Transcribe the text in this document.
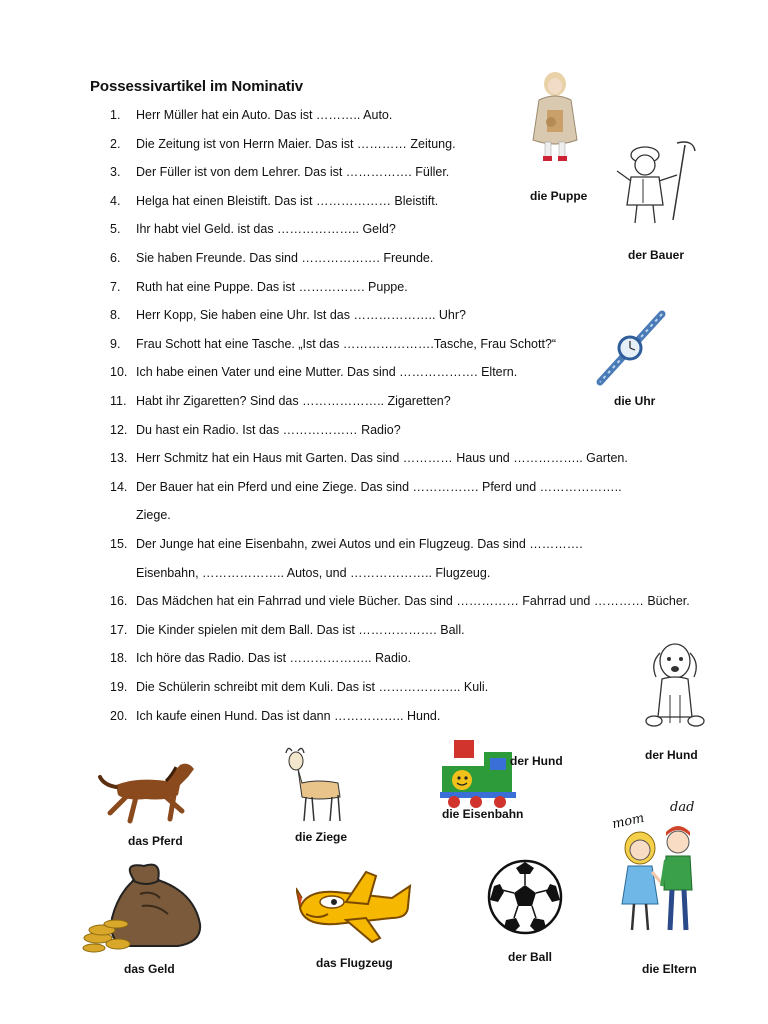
Possessivartikel im Nominativ
1. Herr Müller hat ein Auto. Das ist ……….. Auto.
2. Die Zeitung ist von Herrn Maier. Das ist ………… Zeitung.
3. Der Füller ist von dem Lehrer. Das ist ……………. Füller.
4. Helga hat einen Bleistift. Das ist ……………… Bleistift.
5. Ihr habt viel Geld. ist das ……………….. Geld?
6. Sie haben Freunde. Das sind ………………. Freunde.
7. Ruth hat eine Puppe. Das ist ……………. Puppe.
8. Herr Kopp, Sie haben eine Uhr. Ist das ……………….. Uhr?
9. Frau Schott hat eine Tasche. „Ist das ………………….Tasche, Frau Schott?“
10. Ich habe einen Vater und eine Mutter. Das sind ………………. Eltern.
11. Habt ihr Zigaretten? Sind das ……………….. Zigaretten?
12. Du hast ein Radio. Ist das ……………… Radio?
13. Herr Schmitz hat ein Haus mit Garten. Das sind ………… Haus und …………….. Garten.
14. Der Bauer hat ein Pferd und eine Ziege. Das sind ……………. Pferd und ………………..
Ziege.
15. Der Junge hat eine Eisenbahn, zwei Autos und ein Flugzeug. Das sind ………….
Eisenbahn, ……………….. Autos, und ……………….. Flugzeug.
16. Das Mädchen hat ein Fahrrad und viele Bücher. Das sind …………… Fahrrad und ………… Bücher.
17. Die Kinder spielen mit dem Ball. Das ist ………………. Ball.
18. Ich höre das Radio. Das ist ……………….. Radio.
19. Die Schülerin schreibt mit dem Kuli. Das ist ……………….. Kuli.
20. Ich kaufe einen Hund. Das ist dann …………….. Hund.
die Puppe
der Bauer
die Uhr
der Hund
das Pferd	die Ziege
der Hund
die Eisenbahn
das Geld	das Flugzeug	der Ball
mom
dad
die Eltern
